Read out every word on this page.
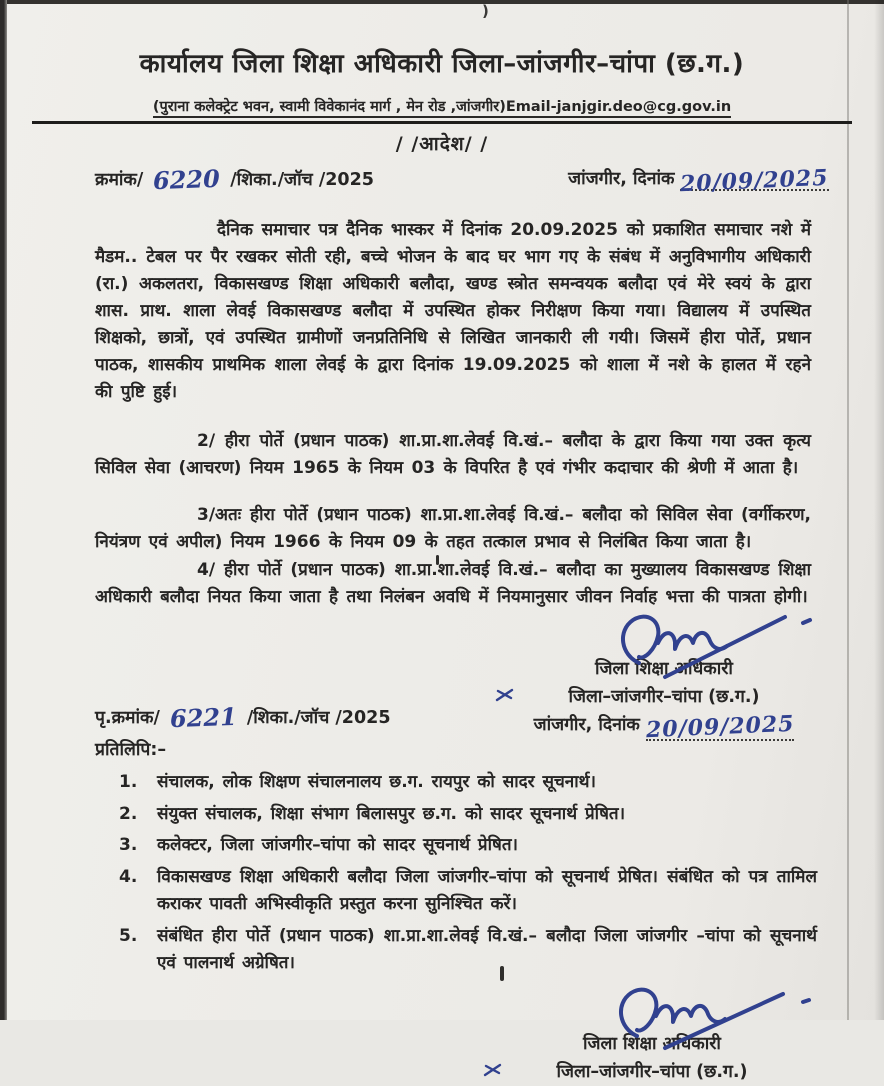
)
कार्यालय जिला शिक्षा अधिकारी जिला–जांजगीर–चांपा (छ.ग.)
(पुराना कलेक्ट्रेट भवन, स्वामी विवेकानंद मार्ग , मेन रोड ,जांजगीर)Email-janjgir.deo@cg.gov.in
/ /आदेश/ /
क्रमांक/ 6220 /शिका./जॉच /2025	जांजगीर, दिनांक 20/09/2025

दैनिक समाचार पत्र दैनिक भास्कर में दिनांक 20.09.2025 को प्रकाशित समाचार नशे में मैडम.. टेबल पर पैर रखकर सोती रही, बच्चे भोजन के बाद घर भाग गए के संबंध में अनुविभागीय अधिकारी (रा.) अकलतरा, विकासखण्ड शिक्षा अधिकारी बलौदा, खण्ड स्त्रोत समन्वयक बलौदा एवं मेरे स्वयं के द्वारा शास. प्राथ. शाला लेवई विकासखण्ड बलौदा में उपस्थित होकर निरीक्षण किया गया। विद्यालय में उपस्थित शिक्षको, छात्रों, एवं उपस्थित ग्रामीणों जनप्रतिनिधि से लिखित जानकारी ली गयी। जिसमें हीरा पोर्ते, प्रधान पाठक, शासकीय प्राथमिक शाला लेवई के द्वारा दिनांक 19.09.2025 को शाला में नशे के हालत में रहने की पुष्टि हुई।

2/ हीरा पोर्ते (प्रधान पाठक) शा.प्रा.शा.लेवई वि.खं.– बलौदा के द्वारा किया गया उक्त कृत्य सिविल सेवा (आचरण) नियम 1965 के नियम 03 के विपरित है एवं गंभीर कदाचार की श्रेणी में आता है।

3/अतः हीरा पोर्ते (प्रधान पाठक) शा.प्रा.शा.लेवई वि.खं.– बलौदा को सिविल सेवा (वर्गीकरण, नियंत्रण एवं अपील) नियम 1966 के नियम 09 के तहत तत्काल प्रभाव से निलंबित किया जाता है।

4/ हीरा पोर्ते (प्रधान पाठक) शा.प्रा.शा.लेवई वि.खं.– बलौदा का मुख्यालय विकासखण्ड शिक्षा अधिकारी बलौदा नियत किया जाता है तथा निलंबन अवधि में नियमानुसार जीवन निर्वाह भत्ता की पात्रता होगी।

पृ.क्रमांक/ 6221 /शिका./जॉच /2025
प्रतिलिपि:–
जिला शिक्षा अधिकारी
जिला–जांजगीर–चांपा (छ.ग.)
जांजगीर, दिनांक 20/09/2025
1.	संचालक, लोक शिक्षण संचालनालय छ.ग. रायपुर को सादर सूचनार्थ।
2.	संयुक्त संचालक, शिक्षा संभाग बिलासपुर छ.ग. को सादर सूचनार्थ प्रेषित।
3.	कलेक्टर, जिला जांजगीर–चांपा को सादर सूचनार्थ प्रेषित।
4.	विकासखण्ड शिक्षा अधिकारी बलौदा जिला जांजगीर–चांपा को सूचनार्थ प्रेषित। संबंधित को पत्र तामिल कराकर पावती अभिस्वीकृति प्रस्तुत करना सुनिश्चित करें।
5.	संबंधित हीरा पोर्ते (प्रधान पाठक) शा.प्रा.शा.लेवई वि.खं.– बलौदा जिला जांजगीर –चांपा को सूचनार्थ एवं पालनार्थ अग्रेषित।
जिला शिक्षा अधिकारी
जिला–जांजगीर–चांपा (छ.ग.)
